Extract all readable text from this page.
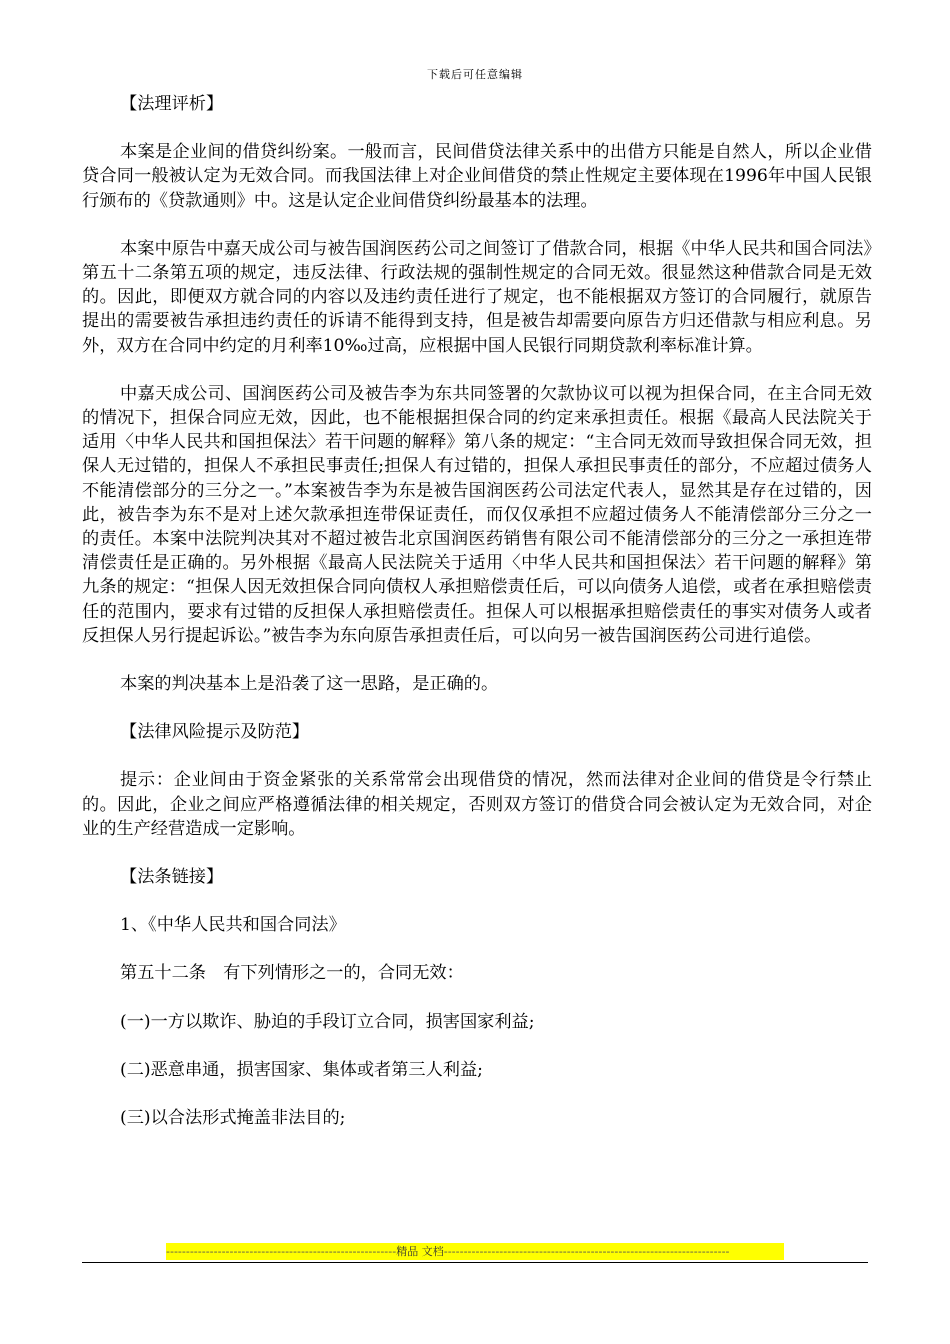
下载后可任意编辑

【法理评析】

本案是企业间的借贷纠纷案。一般而言，民间借贷法律关系中的出借方只能是自然人，所以企业借贷合同一般被认定为无效合同。而我国法律上对企业间借贷的禁止性规定主要体现在1996年中国人民银行颁布的《贷款通则》中。这是认定企业间借贷纠纷最基本的法理。

本案中原告中嘉天成公司与被告国润医药公司之间签订了借款合同，根据《中华人民共和国合同法》第五十二条第五项的规定，违反法律、行政法规的强制性规定的合同无效。很显然这种借款合同是无效的。因此，即便双方就合同的内容以及违约责任进行了规定，也不能根据双方签订的合同履行，就原告提出的需要被告承担违约责任的诉请不能得到支持，但是被告却需要向原告方归还借款与相应利息。另外，双方在合同中约定的月利率10‰过高，应根据中国人民银行同期贷款利率标准计算。

中嘉天成公司、国润医药公司及被告李为东共同签署的欠款协议可以视为担保合同，在主合同无效的情况下，担保合同应无效，因此，也不能根据担保合同的约定来承担责任。根据《最高人民法院关于适用〈中华人民共和国担保法〉若干问题的解释》第八条的规定：“主合同无效而导致担保合同无效，担保人无过错的，担保人不承担民事责任;担保人有过错的，担保人承担民事责任的部分，不应超过债务人不能清偿部分的三分之一。”本案被告李为东是被告国润医药公司法定代表人，显然其是存在过错的，因此，被告李为东不是对上述欠款承担连带保证责任，而仅仅承担不应超过债务人不能清偿部分三分之一的责任。本案中法院判决其对不超过被告北京国润医药销售有限公司不能清偿部分的三分之一承担连带清偿责任是正确的。另外根据《最高人民法院关于适用〈中华人民共和国担保法〉若干问题的解释》第九条的规定：“担保人因无效担保合同向债权人承担赔偿责任后，可以向债务人追偿，或者在承担赔偿责任的范围内，要求有过错的反担保人承担赔偿责任。担保人可以根据承担赔偿责任的事实对债务人或者反担保人另行提起诉讼。”被告李为东向原告承担责任后，可以向另一被告国润医药公司进行追偿。

本案的判决基本上是沿袭了这一思路，是正确的。

【法律风险提示及防范】

提示：企业间由于资金紧张的关系常常会出现借贷的情况，然而法律对企业间的借贷是令行禁止的。因此，企业之间应严格遵循法律的相关规定，否则双方签订的借贷合同会被认定为无效合同，对企业的生产经营造成一定影响。

【法条链接】

1、《中华人民共和国合同法》

第五十二条　有下列情形之一的，合同无效：

(一)一方以欺诈、胁迫的手段订立合同，损害国家利益;

(二)恶意串通，损害国家、集体或者第三人利益;

(三)以合法形式掩盖非法目的;

----------------------------------------------------------精品 文档------------------------------------------------------------------------
